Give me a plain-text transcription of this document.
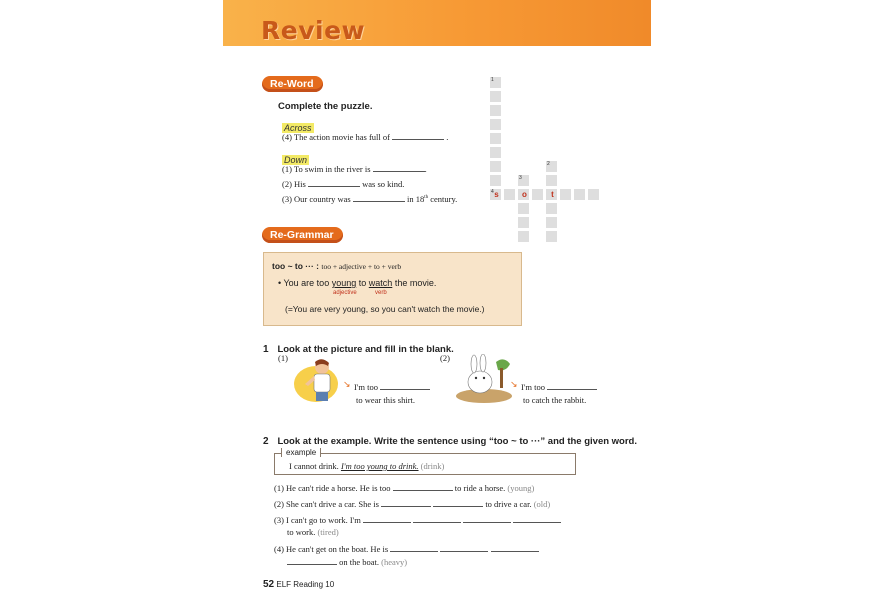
Review
Re-Word
Complete the puzzle.
Across
(4) The action movie has full of	.
Down
(1) To swim in the river is	.
(2) His	was so kind.
(3) Our country was	in 18th century.
1
2
3
4 s	o	t
Re-Grammar
too ~ to ··· : too + adjective + to + verb
• You are too young to watch the movie.
adjective	verb
(=You are very young, so you can't watch the movie.)
1 Look at the picture and fill in the blank.
(1)
↘ I'm too
to wear this shirt.
(2)
↘ I'm too
to catch the rabbit.
2 Look at the example. Write the sentence using “too ~ to ···” and the given word.
example
I cannot drink. I'm too young to drink. (drink)
(1) He can't ride a horse. He is too	to ride a horse. (young)
(2) She can't drive a car. She is	to drive a car. (old)
(3) I can't go to work. I'm
to work. (tired)
(4) He can't get on the boat. He is
on the boat. (heavy)
52 ELF Reading 10
